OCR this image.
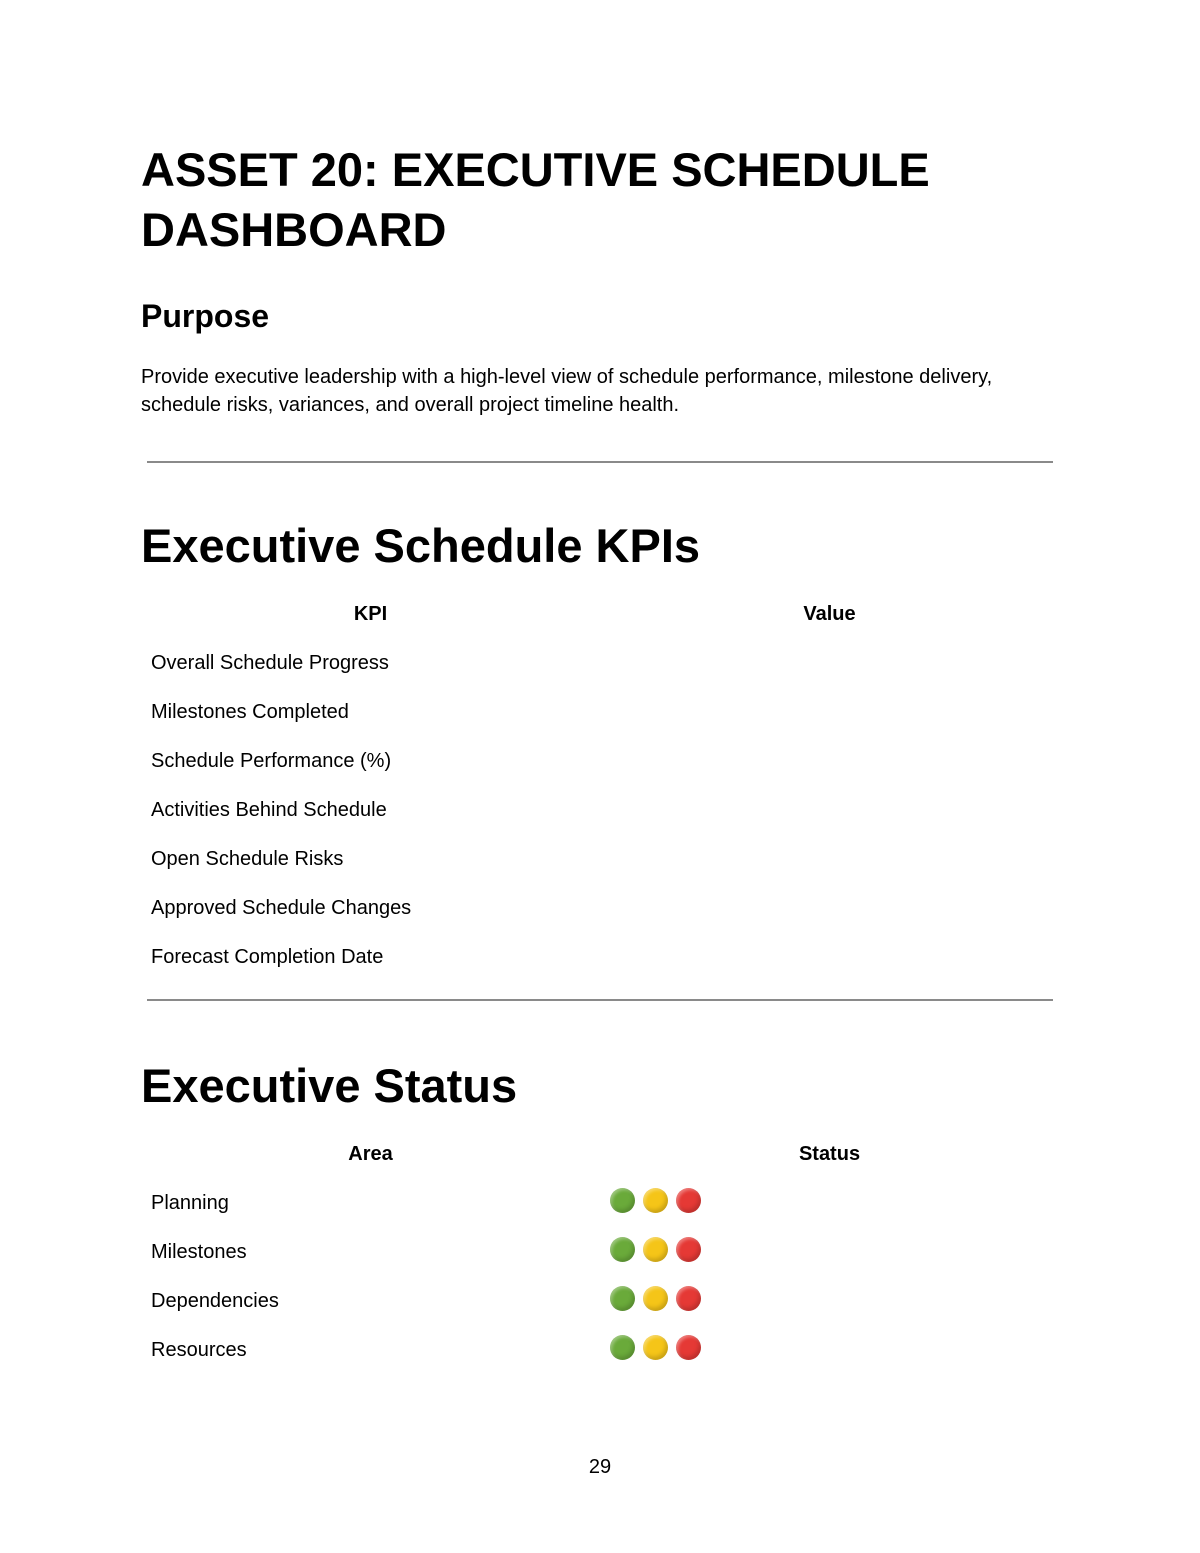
ASSET 20: EXECUTIVE SCHEDULE DASHBOARD
Purpose

Provide executive leadership with a high-level view of schedule performance, milestone delivery, schedule risks, variances, and overall project timeline health.

Executive Schedule KPIs
KPI	Value
Overall Schedule Progress	
Milestones Completed	
Schedule Performance (%)	
Activities Behind Schedule	
Open Schedule Risks	
Approved Schedule Changes	
Forecast Completion Date	
Executive Status
Area	Status
Planning	

Milestones	

Dependencies	

Resources	
29
